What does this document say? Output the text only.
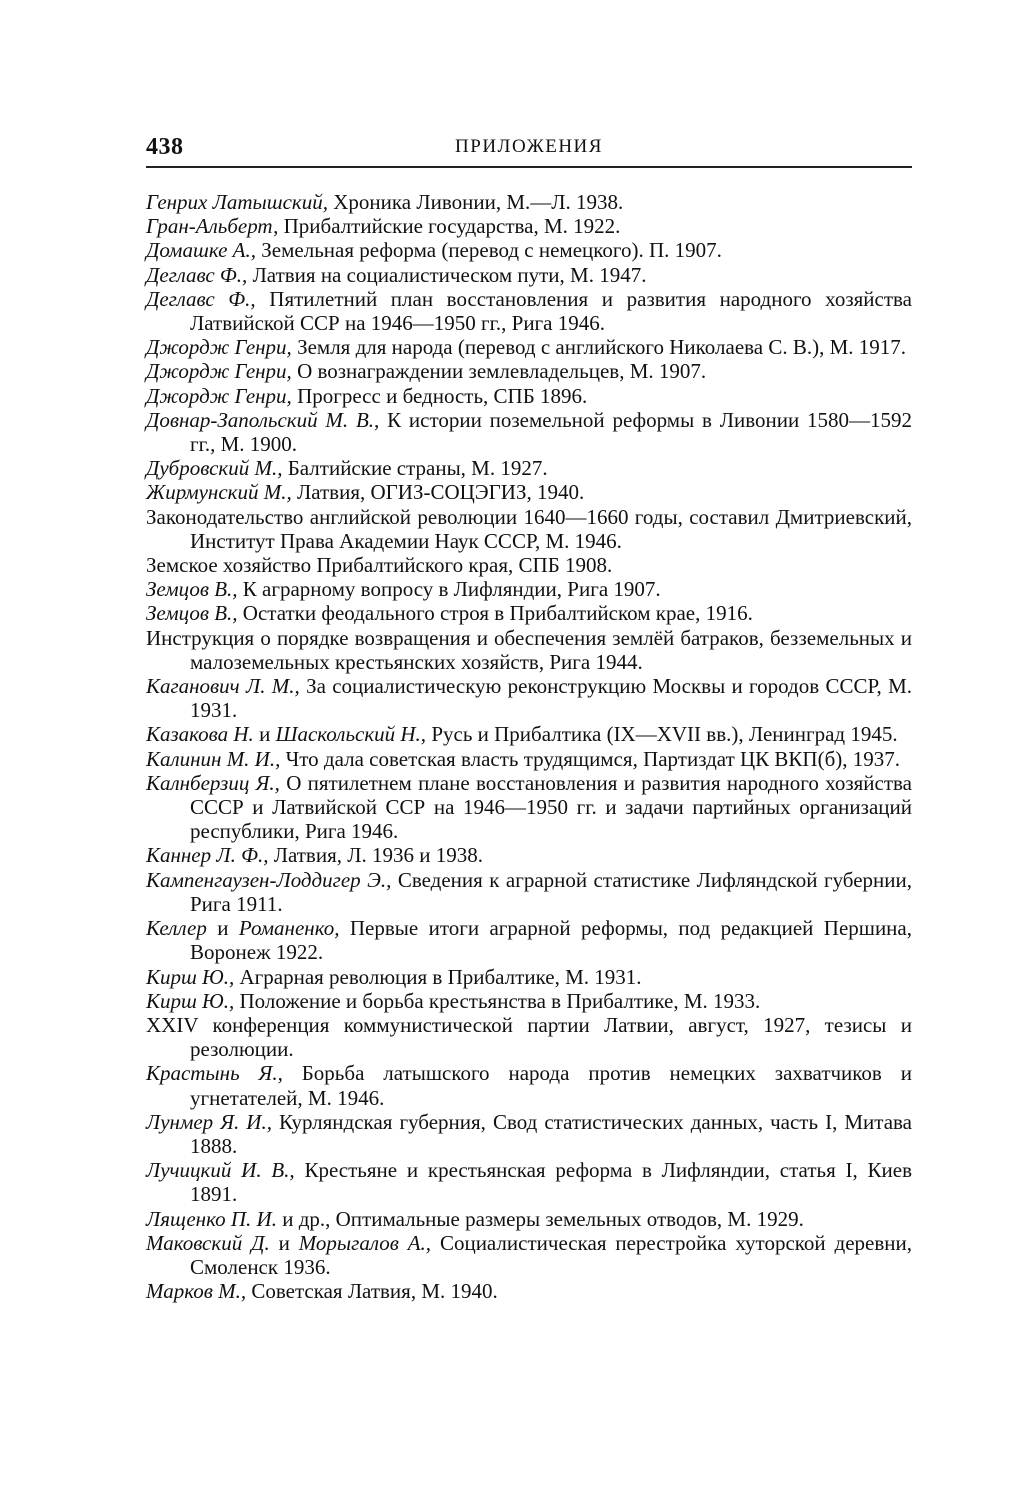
438	ПРИЛОЖЕНИЯ
Генрих Латышский, Хроника Ливонии, М.—Л. 1938.
Гран-Альберт, Прибалтийские государства, М. 1922.
Домашке А., Земельная реформа (перевод с немецкого). П. 1907.
Деглавс Ф., Латвия на социалистическом пути, М. 1947.
Деглавс Ф., Пятилетний план восстановления и развития народного хозяйства Латвийской ССР на 1946—1950 гг., Рига 1946.
Джордж Генри, Земля для народа (перевод с английского Николаева С. В.), М. 1917.
Джордж Генри, О вознаграждении землевладельцев, М. 1907.
Джордж Генри, Прогресс и бедность, СПБ 1896.
Довнар-Запольский М. В., К истории поземельной реформы в Ливонии 1580—1592 гг., М. 1900.
Дубровский М., Балтийские страны, М. 1927.
Жирмунский М., Латвия, ОГИЗ-СОЦЭГИЗ, 1940.
Законодательство английской революции 1640—1660 годы, составил Дмитриевский, Институт Права Академии Наук СССР, М. 1946.
Земское хозяйство Прибалтийского края, СПБ 1908.
Земцов В., К аграрному вопросу в Лифляндии, Рига 1907.
Земцов В., Остатки феодального строя в Прибалтийском крае, 1916.
Инструкция о порядке возвращения и обеспечения землёй батраков, безземельных и малоземельных крестьянских хозяйств, Рига 1944.
Каганович Л. М., За социалистическую реконструкцию Москвы и городов СССР, М. 1931.
Казакова Н. и Шаскольский Н., Русь и Прибалтика (IX—XVII вв.), Ленинград 1945.
Калинин М. И., Что дала советская власть трудящимся, Партиздат ЦК ВКП(б), 1937.
Калнберзиц Я., О пятилетнем плане восстановления и развития народного хозяйства СССР и Латвийской ССР на 1946—1950 гг. и задачи партийных организаций республики, Рига 1946.
Каннер Л. Ф., Латвия, Л. 1936 и 1938.
Кампенгаузен-Лоддигер Э., Сведения к аграрной статистике Лифляндской губернии, Рига 1911.
Келлер и Романенко, Первые итоги аграрной реформы, под редакцией Першина, Воронеж 1922.
Кирш Ю., Аграрная революция в Прибалтике, М. 1931.
Кирш Ю., Положение и борьба крестьянства в Прибалтике, М. 1933.
XXIV конференция коммунистической партии Латвии, август, 1927, тезисы и резолюции.
Крастынь Я., Борьба латышского народа против немецких захватчиков и угнетателей, М. 1946.
Лунмер Я. И., Курляндская губерния, Свод статистических данных, часть I, Митава 1888.
Лучицкий И. В., Крестьяне и крестьянская реформа в Лифляндии, статья I, Киев 1891.
Лященко П. И. и др., Оптимальные размеры земельных отводов, М. 1929.
Маковский Д. и Морыгалов А., Социалистическая перестройка хуторской деревни, Смоленск 1936.
Марков М., Советская Латвия, М. 1940.
